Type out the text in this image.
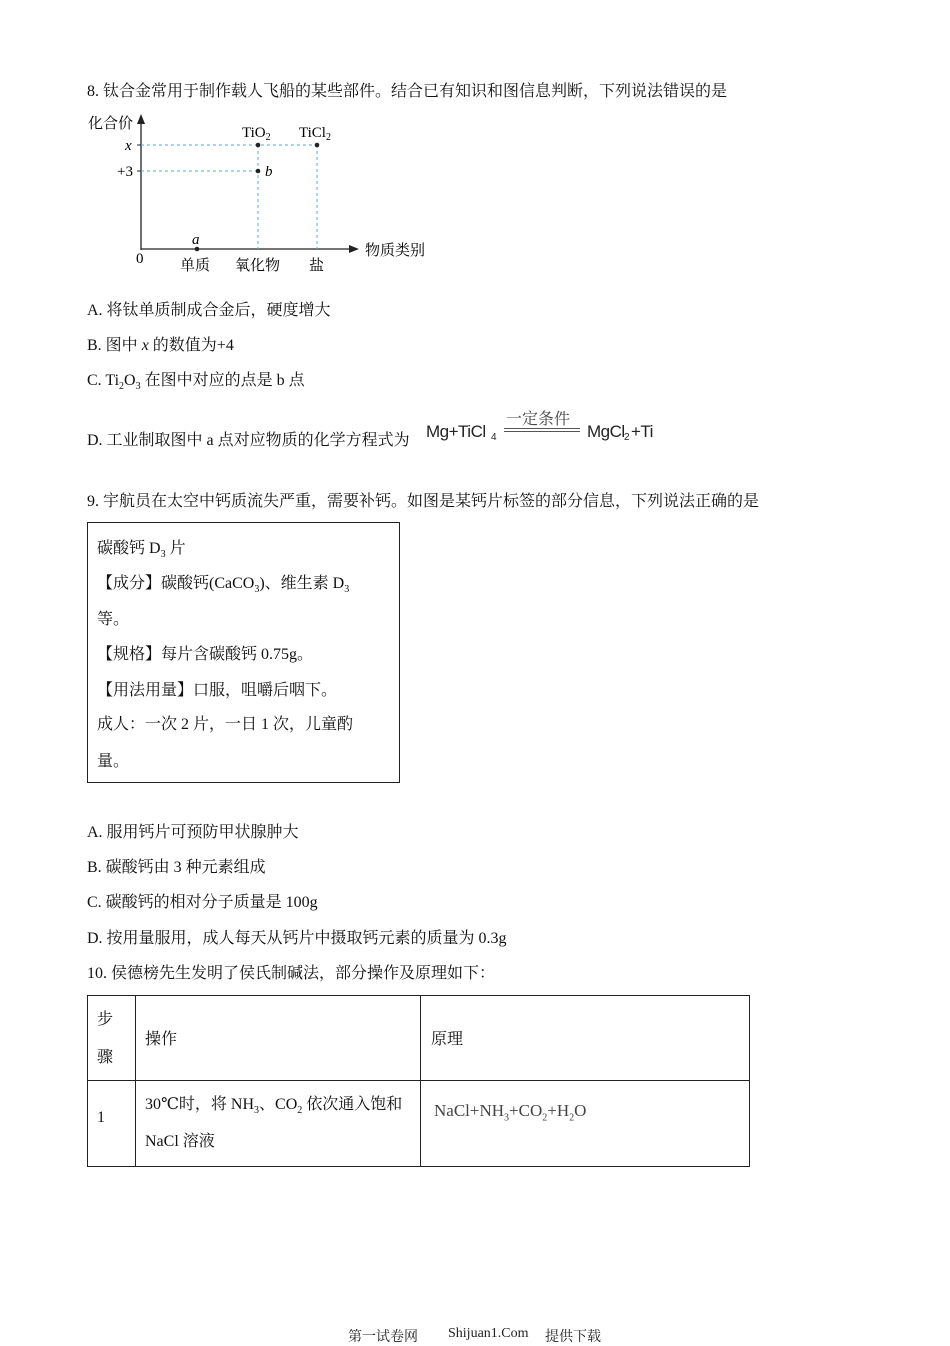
8. 钛合金常用于制作载人飞船的某些部件。结合已有知识和图信息判断，下列说法错误的是
化合价
物质类别
0
x
+3
单质 氧化物 盐
a
b
TiO$_2$ TiCl$_2$
A. 将钛单质制成合金后，硬度增大
B. 图中 x 的数值为+4
C. $Ti_2O_3$ 在图中对应的点是 b 点
D. 工业制取图中 a 点对应物质的化学方程式为 Mg+TiCl 4
一定条件
MgCl 2 +Ti
9. 宇航员在太空中钙质流失严重，需要补钙。如图是某钙片标签的部分信息，下列说法正确的是
碳酸钙 $D_3$ 片
【成分】碳酸钙(CaCO$_3$)、维生素 $D_3$
等。
【规格】每片含碳酸钙 0.75g。
【用法用量】口服，咀嚼后咽下。
成人：一次 2 片，一日 1 次，儿童酌
量。
A. 服用钙片可预防甲状腺肿大
B. 碳酸钙由 3 种元素组成
C. 碳酸钙的相对分子质量是 100g
D. 按用量服用，成人每天从钙片中摄取钙元素的质量为 0.3g
10. 侯德榜先生发明了侯氏制碱法，部分操作及原理如下：
步
骤	操作	原理

1	30℃时，将 $NH_3$、$CO_2$ 依次通入饱和
NaCl 溶液	$NaCl+NH_3+CO_2+H_2O$
第一试卷网 Shijuan1.Com 提供下载
